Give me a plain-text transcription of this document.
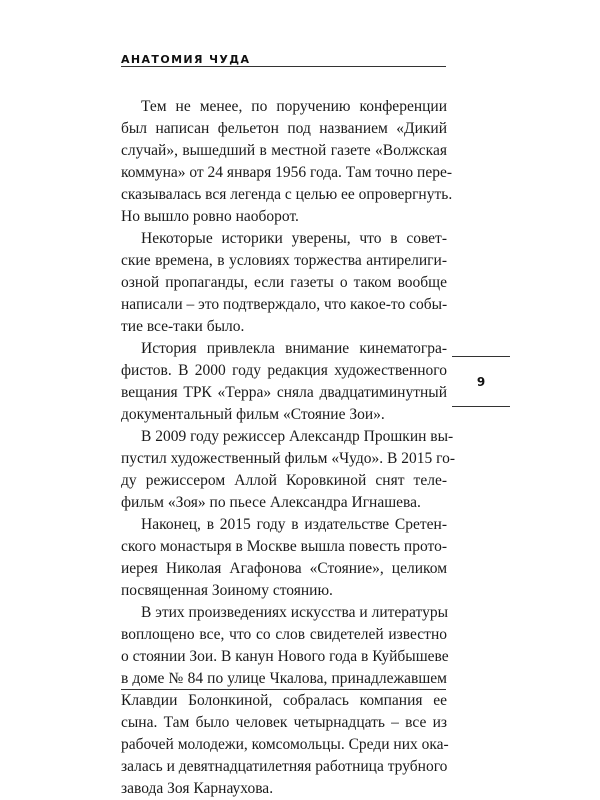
АНАТОМИЯ ЧУДА
9
Тем не менее, по поручению конференции
был написан фельетон под названием «Дикий
случай», вышедший в местной газете «Волжская
коммуна» от 24 января 1956 года. Там точно пере-
сказывалась вся легенда с целью ее опровергнуть.
Но вышло ровно наоборот.
Некоторые историки уверены, что в совет-
ские времена, в условиях торжества антирелиги-
озной пропаганды, если газеты о таком вообще
написали – это подтверждало, что какое-то собы-
тие все-таки было.
История привлекла внимание кинематогра-
фистов. В 2000 году редакция художественного
вещания ТРК «Терра» сняла двадцатиминутный
документальный фильм «Стояние Зои».
В 2009 году режиссер Александр Прошкин вы-
пустил художественный фильм «Чудо». В 2015 го-
ду режиссером Аллой Коровкиной снят теле-
фильм «Зоя» по пьесе Александра Игнашева.
Наконец, в 2015 году в издательстве Сретен-
ского монастыря в Москве вышла повесть прото-
иерея Николая Агафонова «Стояние», целиком
посвященная Зоиному стоянию.
В этих произведениях искусства и литературы
воплощено все, что со слов свидетелей известно
о стоянии Зои. В канун Нового года в Куйбышеве
в доме № 84 по улице Чкалова, принадлежавшем
Клавдии Болонкиной, собралась компания ее
сына. Там было человек четырнадцать – все из
рабочей молодежи, комсомольцы. Среди них ока-
залась и девятнадцатилетняя работница трубного
завода Зоя Карнаухова.
